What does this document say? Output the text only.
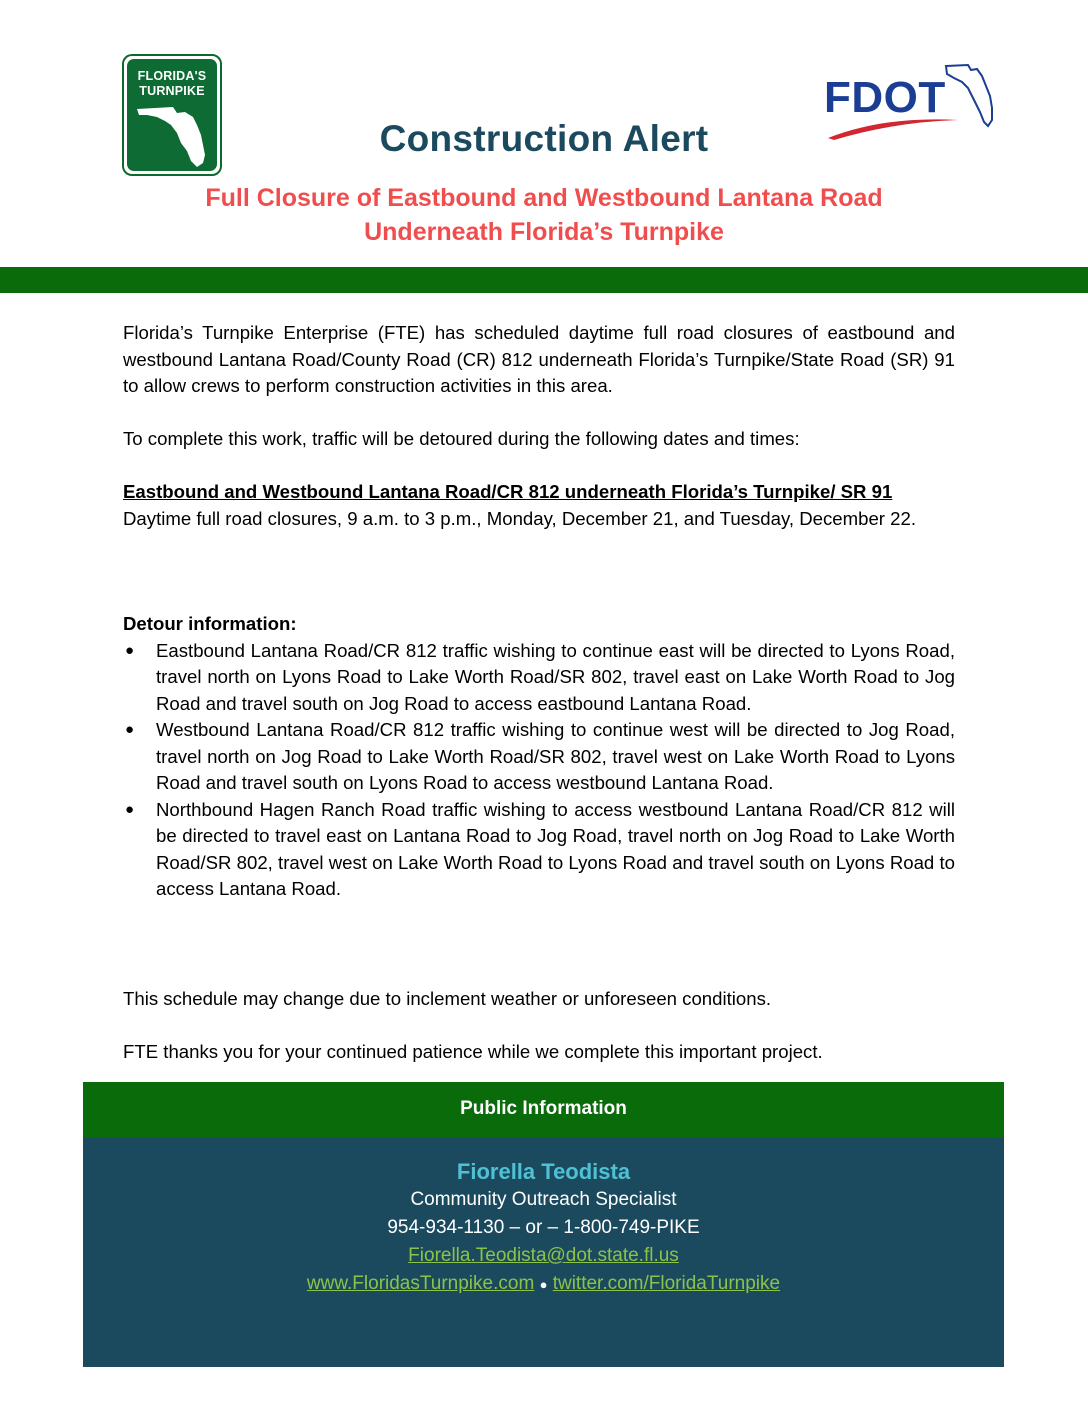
FLORIDA'S
TURNPIKE	FDOT
Construction Alert
Full Closure of Eastbound and Westbound Lantana Road
Underneath Florida’s Turnpike
Florida’s Turnpike Enterprise (FTE) has scheduled daytime full road closures of eastbound and westbound Lantana Road/County Road (CR) 812 underneath Florida’s Turnpike/State Road (SR) 91 to allow crews to perform construction activities in this area.
To complete this work, traffic will be detoured during the following dates and times:
Eastbound and Westbound Lantana Road/CR 812 underneath Florida’s Turnpike/ SR 91
Daytime full road closures, 9 a.m. to 3 p.m., Monday, December 21, and Tuesday, December 22.
Detour information:
● Eastbound Lantana Road/CR 812 traffic wishing to continue east will be directed to Lyons Road, travel north on Lyons Road to Lake Worth Road/SR 802, travel east on Lake Worth Road to Jog Road and travel south on Jog Road to access eastbound Lantana Road.
● Westbound Lantana Road/CR 812 traffic wishing to continue west will be directed to Jog Road, travel north on Jog Road to Lake Worth Road/SR 802, travel west on Lake Worth Road to Lyons Road and travel south on Lyons Road to access westbound Lantana Road.
● Northbound Hagen Ranch Road traffic wishing to access westbound Lantana Road/CR 812 will be directed to travel east on Lantana Road to Jog Road, travel north on Jog Road to Lake Worth Road/SR 802, travel west on Lake Worth Road to Lyons Road and travel south on Lyons Road to access Lantana Road.
This schedule may change due to inclement weather or unforeseen conditions.
FTE thanks you for your continued patience while we complete this important project.
Public Information
Fiorella Teodista
Community Outreach Specialist
954-934-1130 – or – 1-800-749-PIKE
Fiorella.Teodista@dot.state.fl.us
www.FloridasTurnpike.com ● twitter.com/FloridaTurnpike
